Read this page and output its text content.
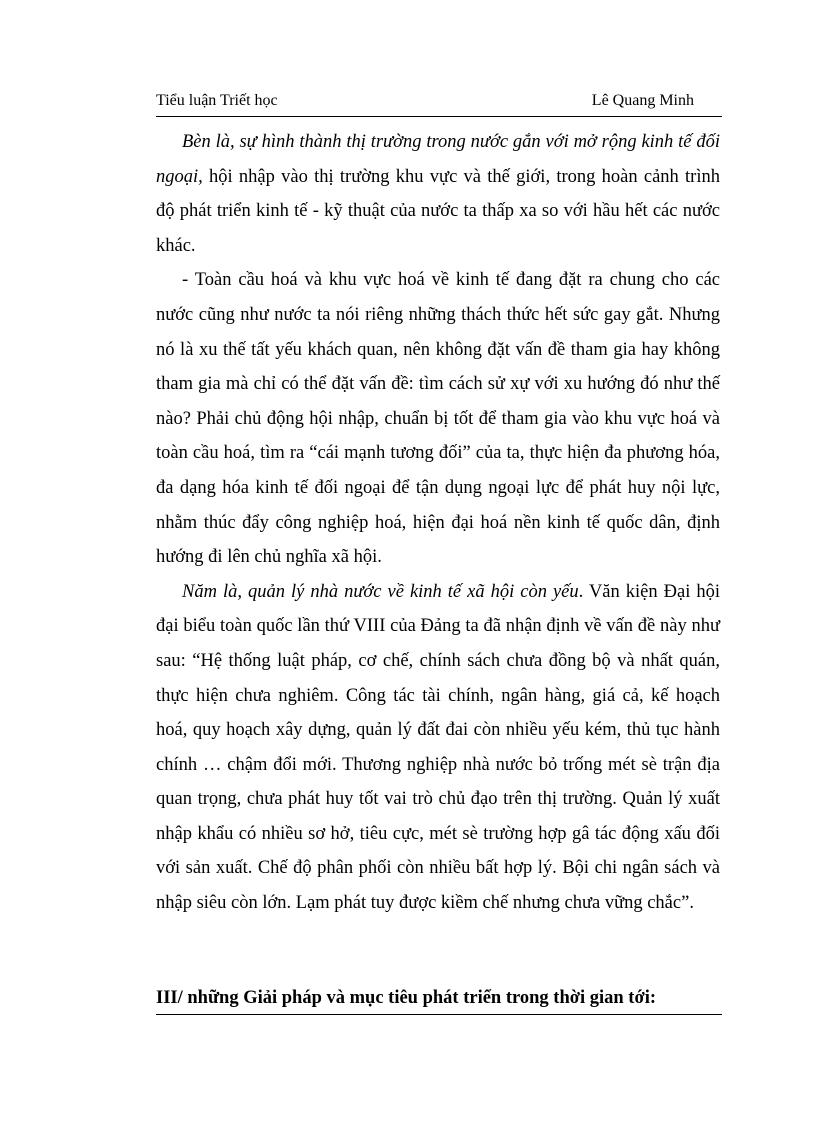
Tiểu luận Triết học	Lê Quang Minh

Bèn là, sự hình thành thị trường trong nước gắn với mở rộng kinh tế đối ngoại, hội nhập vào thị trường khu vực và thế giới, trong hoàn cảnh trình độ phát triển kinh tế - kỹ thuật của nước ta thấp xa so với hầu hết các nước khác.

- Toàn cầu hoá và khu vực hoá về kinh tế đang đặt ra chung cho các nước cũng như nước ta nói riêng những thách thức hết sức gay gắt. Nhưng nó là xu thế tất yếu khách quan, nên không đặt vấn đề tham gia hay không tham gia mà chỉ có thể đặt vấn đề: tìm cách sử xự với xu hướng đó như thế nào? Phải chủ động hội nhập, chuẩn bị tốt để tham gia vào khu vực hoá và toàn cầu hoá, tìm ra “cái mạnh tương đối” của ta, thực hiện đa phương hóa, đa dạng hóa kinh tế đối ngoại để tận dụng ngoại lực để phát huy nội lực, nhằm thúc đẩy công nghiệp hoá, hiện đại hoá nền kinh tế quốc dân, định hướng đi lên chủ nghĩa xã hội.

Năm là, quản lý nhà nước về kinh tế xã hội còn yếu. Văn kiện Đại hội đại biểu toàn quốc lần thứ VIII của Đảng ta đã nhận định về vấn đề này như sau: “Hệ thống luật pháp, cơ chế, chính sách chưa đồng bộ và nhất quán, thực hiện chưa nghiêm. Công tác tài chính, ngân hàng, giá cả, kế hoạch hoá, quy hoạch xây dựng, quản lý đất đai còn nhiều yếu kém, thủ tục hành chính … chậm đổi mới. Thương nghiệp nhà nước bỏ trống mét sè trận địa quan trọng, chưa phát huy tốt vai trò chủ đạo trên thị trường. Quản lý xuất nhập khẩu có nhiều sơ hở, tiêu cực, mét sè trường hợp gâ tác động xấu đối với sản xuất. Chế độ phân phối còn nhiều bất hợp lý. Bội chi ngân sách và nhập siêu còn lớn. Lạm phát tuy được kiềm chế nhưng chưa vững chắc”.

III/ những Giải pháp và mục tiêu phát triển trong thời gian tới:
